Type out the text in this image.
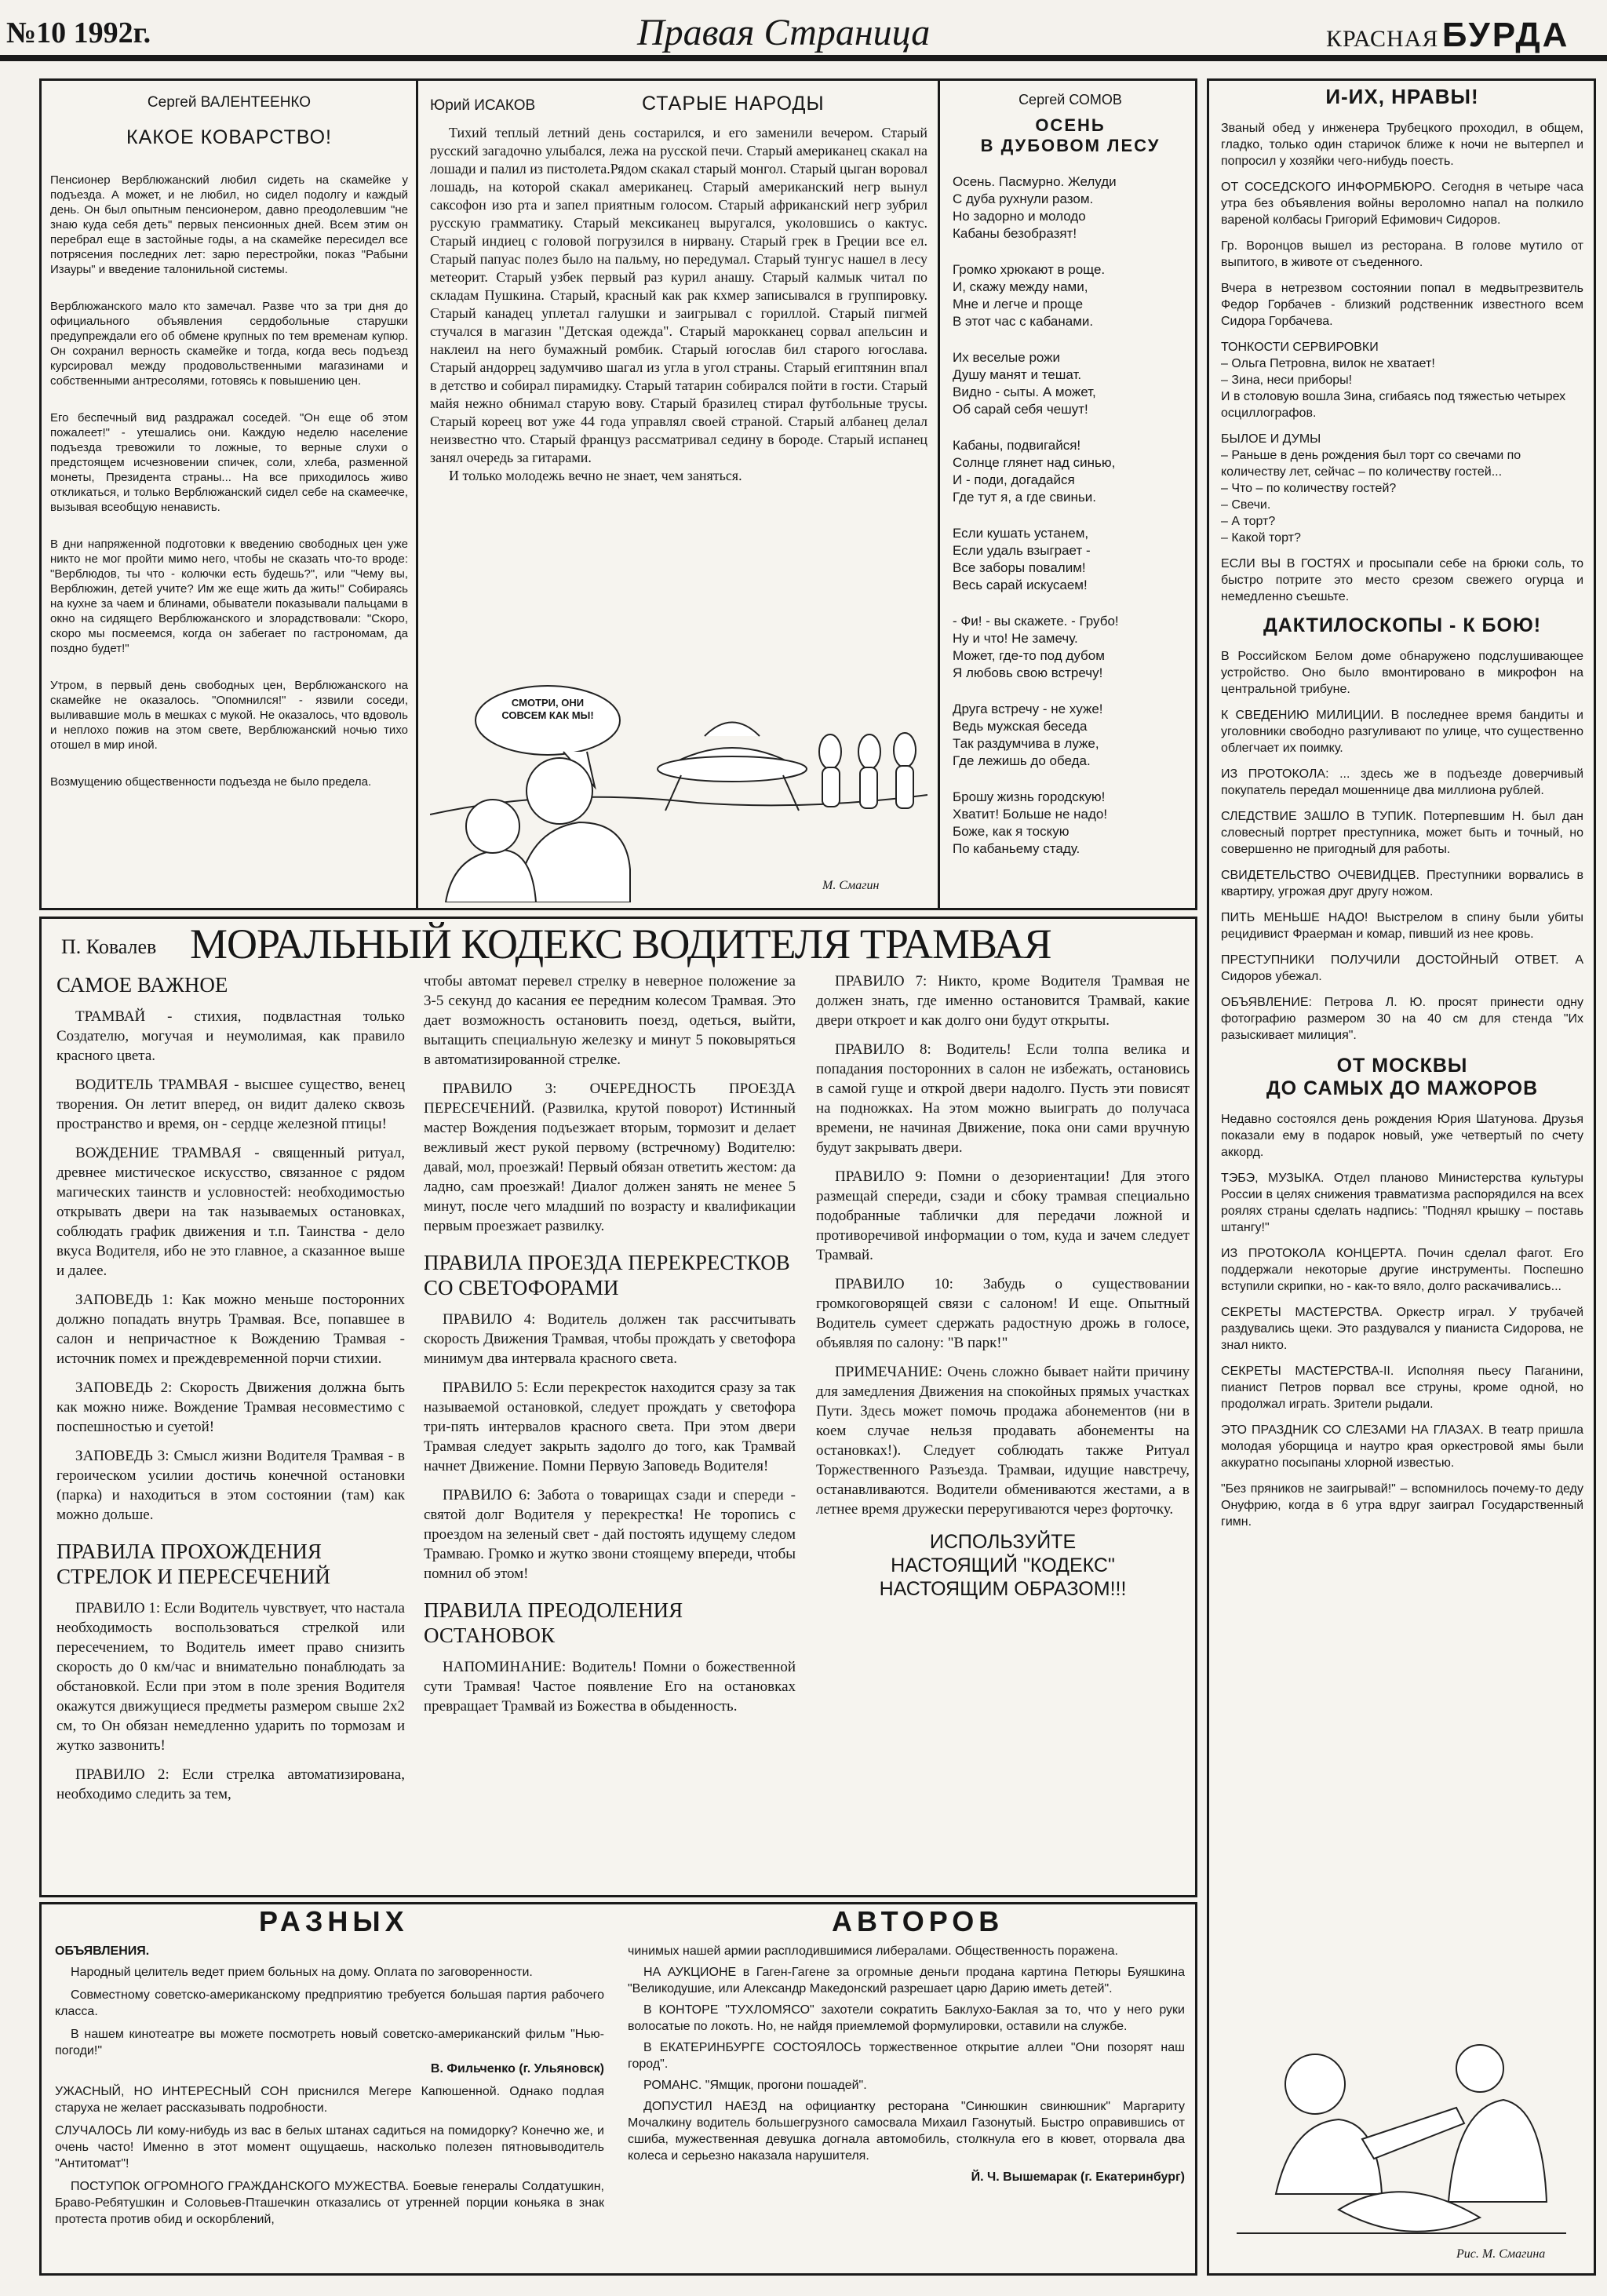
№10 1992г.	Правая Страница	КРАСНАЯ БУРДА
Сергей ВАЛЕНТЕЕНКО
КАКОЕ КОВАРСТВО!

Пенсионер Верблюжанский любил сидеть на скамейке у подъезда. А может, и не любил, но сидел подолгу и каждый день. Он был опытным пенсионером, давно преодолевшим "не знаю куда себя деть" первых пенсионных дней. Всем этим он перебрал еще в застойные годы, а на скамейке пересидел все потрясения последних лет: зарю перестройки, показ "Рабыни Изауры" и введение талонильной системы.

Верблюжанского мало кто замечал. Разве что за три дня до официального объявления сердобольные старушки предупреждали его об обмене крупных по тем временам купюр. Он сохранил верность скамейке и тогда, когда весь подъезд курсировал между продовольственными магазинами и собственными антресолями, готовясь к повышению цен.

Его беспечный вид раздражал соседей. "Он еще об этом пожалеет!" - утешались они. Каждую неделю население подъезда тревожили то ложные, то верные слухи о предстоящем исчезновении спичек, соли, хлеба, разменной монеты, Президента страны... На все приходилось живо откликаться, и только Верблюжанский сидел себе на скамеечке, вызывая всеобщую ненависть.

В дни напряженной подготовки к введению свободных цен уже никто не мог пройти мимо него, чтобы не сказать что-то вроде: "Верблюдов, ты что - колючки есть будешь?", или "Чему вы, Верблюжин, детей учите? Им же еще жить да жить!" Собираясь на кухне за чаем и блинами, обыватели показывали пальцами в окно на сидящего Верблюжанского и злорадствовали: "Скоро, скоро мы посмеемся, когда он забегает по гастрономам, да поздно будет!"

Утром, в первый день свободных цен, Верблюжанского на скамейке не оказалось. "Опомнился!" - язвили соседи, выливавшие моль в мешках с мукой. Не оказалось, что вдоволь и неплохо пожив на этом свете, Верблюжанский ночью тихо отошел в мир иной.

Возмущению общественности подъезда не было предела.

Юрий ИСАКОВ	СТАРЫЕ НАРОДЫ

Тихий теплый летний день состарился, и его заменили вечером. Старый русский загадочно улыбался, лежа на русской печи. Старый американец скакал на лошади и палил из пистолета.Рядом скакал старый монгол. Старый цыган воровал лошадь, на которой скакал американец. Старый американский негр вынул саксофон изо рта и запел приятным голосом. Старый африканский негр зубрил русскую грамматику. Старый мексиканец выругался, уколовшись о кактус. Старый индиец с головой погрузился в нирвану. Старый грек в Греции все ел. Старый папуас полез было на пальму, но передумал. Старый тунгус нашел в лесу метеорит. Старый узбек первый раз курил анашу. Старый калмык читал по складам Пушкина. Старый, красный как рак кхмер записывался в группировку. Старый канадец уплетал галушки и заигрывал с гориллой. Старый пигмей стучался в магазин "Детская одежда". Старый марокканец сорвал апельсин и наклеил на него бумажный ромбик. Старый югослав бил старого югослава. Старый андоррец задумчиво шагал из угла в угол страны. Старый египтянин впал в детство и собирал пирамидку. Старый татарин собирался пойти в гости. Старый майя нежно обнимал старую вову. Старый бразилец стирал футбольные трусы. Старый кореец вот уже 44 года управлял своей страной. Старый албанец делал неизвестно что. Старый француз рассматривал седину в бороде. Старый испанец занял очередь за гитарами.

И только молодежь вечно не знает, чем заняться.

СМОТРИ, ОНИ СОВСЕМ КАК МЫ!
М. Смагин
Сергей СОМОВ
ОСЕНЬ
В ДУБОВОМ ЛЕСУ

Осень. Пасмурно. Желуди
С дуба рухнули разом.
Но задорно и молодо
Кабаны безобразят!

Громко хрюкают в роще.
И, скажу между нами,
Мне и легче и проще
В этот час с кабанами.

Их веселые рожи
Душу манят и тешат.
Видно - сыты. А может,
Об сарай себя чешут!

Кабаны, подвигайся!
Солнце глянет над синью,
И - поди, догадайся
Где тут я, а где свиньи.

Если кушать устанем,
Если удаль взыграет -
Все заборы повалим!
Весь сарай искусаем!

- Фи! - вы скажете. - Грубо!
Ну и что! Не замечу.
Может, где-то под дубом
Я любовь свою встречу!

Друга встречу - не хуже!
Ведь мужская беседа
Так раздумчива в луже,
Где лежишь до обеда.

Брошу жизнь городскую!
Хватит! Больше не надо!
Боже, как я тоскую
По кабаньему стаду.

И-ИХ, НРАВЫ!

Званый обед у инженера Трубецкого проходил, в общем, гладко, только один старичок ближе к ночи не вытерпел и попросил у хозяйки чего-нибудь поесть.

ОТ СОСЕДСКОГО ИНФОРМБЮРО. Сегодня в четыре часа утра без объявления войны вероломно напал на полкило вареной колбасы Григорий Ефимович Сидоров.

Гр. Воронцов вышел из ресторана. В голове мутило от выпитого, в животе от съеденного.

Вчера в нетрезвом состоянии попал в медвытрезвитель Федор Горбачев - близкий родственник известного всем Сидора Горбачева.

ТОНКОСТИ СЕРВИРОВКИ
– Ольга Петровна, вилок не хватает!
– Зина, неси приборы!
И в столовую вошла Зина, сгибаясь под тяжестью четырех осциллографов.

БЫЛОЕ И ДУМЫ
– Раньше в день рождения был торт со свечами по количеству лет, сейчас – по количеству гостей...
– Что – по количеству гостей?
– Свечи.
– А торт?
– Какой торт?

ЕСЛИ ВЫ В ГОСТЯХ и просыпали себе на брюки соль, то быстро потрите это место срезом свежего огурца и немедленно съешьте.

ДАКТИЛОСКОПЫ - К БОЮ!

В Российском Белом доме обнаружено подслушивающее устройство. Оно было вмонтировано в микрофон на центральной трибуне.

К СВЕДЕНИЮ МИЛИЦИИ. В последнее время бандиты и уголовники свободно разгуливают по улице, что существенно облегчает их поимку.

ИЗ ПРОТОКОЛА: ... здесь же в подъезде доверчивый покупатель передал мошеннице два миллиона рублей.

СЛЕДСТВИЕ ЗАШЛО В ТУПИК. Потерпевшим Н. был дан словесный портрет преступника, может быть и точный, но совершенно не пригодный для работы.

СВИДЕТЕЛЬСТВО ОЧЕВИДЦЕВ. Преступники ворвались в квартиру, угрожая друг другу ножом.

ПИТЬ МЕНЬШЕ НАДО! Выстрелом в спину были убиты рецидивист Фраерман и комар, пивший из нее кровь.

ПРЕСТУПНИКИ ПОЛУЧИЛИ ДОСТОЙНЫЙ ОТВЕТ. А Сидоров убежал.

ОБЪЯВЛЕНИЕ: Петрова Л. Ю. просят принести одну фотографию размером 30 на 40 см для стенда "Их разыскивает милиция".

ОТ МОСКВЫ
ДО САМЫХ ДО МАЖОРОВ

Недавно состоялся день рождения Юрия Шатунова. Друзья показали ему в подарок новый, уже четвертый по счету аккорд.

ТЭБЭ, МУЗЫКА. Отдел планово Министерства культуры России в целях снижения травматизма распорядился на всех роялях страны сделать надпись: "Поднял крышку – поставь штангу!"

ИЗ ПРОТОКОЛА КОНЦЕРТА. Почин сделал фагот. Его поддержали некоторые другие инструменты. Поспешно вступили скрипки, но - как-то вяло, долго раскачивались...

СЕКРЕТЫ МАСТЕРСТВА. Оркестр играл. У трубачей раздувались щеки. Это раздувался у пианиста Сидорова, не знал никто.

СЕКРЕТЫ МАСТЕРСТВА-II. Исполняя пьесу Паганини, пианист Петров порвал все струны, кроме одной, но продолжал играть. Зрители рыдали.

ЭТО ПРАЗДНИК СО СЛЕЗАМИ НА ГЛАЗАХ. В театр пришла молодая уборщица и наутро края оркестровой ямы были аккуратно посыпаны хлорной известью.

"Без пряников не заигрывай!" – вспомнилось почему-то деду Онуфрию, когда в 6 утра вдруг заиграл Государственный гимн.

Рис. М. Смагина
П. Ковалев МОРАЛЬНЫЙ КОДЕКС ВОДИТЕЛЯ ТРАМВАЯ
САМОЕ ВАЖНОЕ

ТРАМВАЙ - стихия, подвластная только Создателю, могучая и неумолимая, как правило красного цвета.

ВОДИТЕЛЬ ТРАМВАЯ - высшее существо, венец творения. Он летит вперед, он видит далеко сквозь пространство и время, он - сердце железной птицы!

ВОЖДЕНИЕ ТРАМВАЯ - священный ритуал, древнее мистическое искусство, связанное с рядом магических таинств и условностей: необходимостью открывать двери на так называемых остановках, соблюдать график движения и т.п. Таинства - дело вкуса Водителя, ибо не это главное, а сказанное выше и далее.

ЗАПОВЕДЬ 1: Как можно меньше посторонних должно попадать внутрь Трамвая. Все, попавшее в салон и непричастное к Вождению Трамвая - источник помех и преждевременной порчи стихии.

ЗАПОВЕДЬ 2: Скорость Движения должна быть как можно ниже. Вождение Трамвая несовместимо с поспешностью и суетой!

ЗАПОВЕДЬ 3: Смысл жизни Водителя Трамвая - в героическом усилии достичь конечной остановки (парка) и находиться в этом состоянии (там) как можно дольше.

ПРАВИЛА ПРОХОЖДЕНИЯ СТРЕЛОК И ПЕРЕСЕЧЕНИЙ

ПРАВИЛО 1: Если Водитель чувствует, что настала необходимость воспользоваться стрелкой или пересечением, то Водитель имеет право снизить скорость до 0 км/час и внимательно понаблюдать за обстановкой. Если при этом в поле зрения Водителя окажутся движущиеся предметы размером свыше 2х2 см, то Он обязан немедленно ударить по тормозам и жутко зазвонить!

ПРАВИЛО 2: Если стрелка автоматизирована, необходимо следить за тем,

чтобы автомат перевел стрелку в неверное положение за 3-5 секунд до касания ее передним колесом Трамвая. Это дает возможность остановить поезд, одеться, выйти, вытащить специальную железку и минут 5 поковыряться в автоматизированной стрелке.

ПРАВИЛО 3: ОЧЕРЕДНОСТЬ ПРОЕЗДА ПЕРЕСЕЧЕНИЙ. (Развилка, крутой поворот) Истинный мастер Вождения подъезжает вторым, тормозит и делает вежливый жест рукой первому (встречному) Водителю: давай, мол, проезжай! Первый обязан ответить жестом: да ладно, сам проезжай! Диалог должен занять не менее 5 минут, после чего младший по возрасту и квалификации первым проезжает развилку.

ПРАВИЛА ПРОЕЗДА ПЕРЕКРЕСТКОВ СО СВЕТОФОРАМИ

ПРАВИЛО 4: Водитель должен так рассчитывать скорость Движения Трамвая, чтобы прождать у светофора минимум два интервала красного света.

ПРАВИЛО 5: Если перекресток находится сразу за так называемой остановкой, следует прождать у светофора три-пять интервалов красного света. При этом двери Трамвая следует закрыть задолго до того, как Трамвай начнет Движение. Помни Первую Заповедь Водителя!

ПРАВИЛО 6: Забота о товарищах сзади и спереди - святой долг Водителя у перекрестка! Не торопись с проездом на зеленый свет - дай постоять идущему следом Трамваю. Громко и жутко звони стоящему впереди, чтобы помнил об этом!

ПРАВИЛА ПРЕОДОЛЕНИЯ ОСТАНОВОК

НАПОМИНАНИЕ: Водитель! Помни о божественной сути Трамвая! Частое появление Его на остановках превращает Трамвай из Божества в обыденность.

ПРАВИЛО 7: Никто, кроме Водителя Трамвая не должен знать, где именно остановится Трамвай, какие двери откроет и как долго они будут открыты.

ПРАВИЛО 8: Водитель! Если толпа велика и попадания посторонних в салон не избежать, остановись в самой гуще и открой двери надолго. Пусть эти повисят на подножках. На этом можно выиграть до получаса времени, не начиная Движение, пока они сами вручную будут закрывать двери.

ПРАВИЛО 9: Помни о дезориентации! Для этого размещай спереди, сзади и сбоку трамвая специально подобранные таблички для передачи ложной и противоречивой информации о том, куда и зачем следует Трамвай.

ПРАВИЛО 10: Забудь о существовании громкоговорящей связи с салоном! И еще. Опытный Водитель сумеет сдержать радостную дрожь в голосе, объявляя по салону: "В парк!"

ПРИМЕЧАНИЕ: Очень сложно бывает найти причину для замедления Движения на спокойных прямых участках Пути. Здесь может помочь продажа абонементов (ни в коем случае нельзя продавать абонементы на остановках!). Следует соблюдать также Ритуал Торжественного Разъезда. Трамваи, идущие навстречу, останавливаются. Водители обмениваются жестами, а в летнее время дружески переругиваются через форточку.

ИСПОЛЬЗУЙТЕ
НАСТОЯЩИЙ "КОДЕКС"
НАСТОЯЩИМ ОБРАЗОМ!!!
РАЗНЫХ	АВТОРОВ
ОБЪЯВЛЕНИЯ.

Народный целитель ведет прием больных на дому. Оплата по заговоренности.

Совместному советско-американскому предприятию требуется большая партия рабочего класса.

В нашем кинотеатре вы можете посмотреть новый советско-американский фильм "Нью-погоди!"

В. Фильченко (г. Ульяновск)

УЖАСНЫЙ, НО ИНТЕРЕСНЫЙ СОН приснился Мегере Капюшенной. Однако подлая старуха не желает рассказывать подробности.

СЛУЧАЛОСЬ ЛИ кому-нибудь из вас в белых штанах садиться на помидорку? Конечно же, и очень часто! Именно в этот момент ощущаешь, насколько полезен пятновыводитель "Антитомат"!

ПОСТУПОК ОГРОМНОГО ГРАЖДАНСКОГО МУЖЕСТВА. Боевые генералы Солдатушкин, Браво-Ребятушкин и Соловьев-Пташечкин отказались от утренней порции коньяка в знак протеста против обид и оскорблений,

чинимых нашей армии расплодившимися либералами. Общественность поражена.

НА АУКЦИОНЕ в Гаген-Гагене за огромные деньги продана картина Петюры Буяшкина "Великодушие, или Александр Македонский разрешает царю Дарию иметь детей".

В КОНТОРЕ "ТУХЛОМЯСО" захотели сократить Баклухо-Баклая за то, что у него руки волосатые по локоть. Но, не найдя приемлемой формулировки, оставили на службе.

В ЕКАТЕРИНБУРГЕ СОСТОЯЛОСЬ торжественное открытие аллеи "Они позорят наш город".

РОМАНС. "Ямщик, прогони пошадей".

ДОПУСТИЛ НАЕЗД на официантку ресторана "Синюшкин свинюшник" Маргариту Мочалкину водитель большегрузного самосвала Михаил Газонутый. Быстро оправившись от сшиба, мужественная девушка догнала автомобиль, столкнула его в кювет, оторвала два колеса и серьезно наказала нарушителя.

Й. Ч. Вышемарак (г. Екатеринбург)
